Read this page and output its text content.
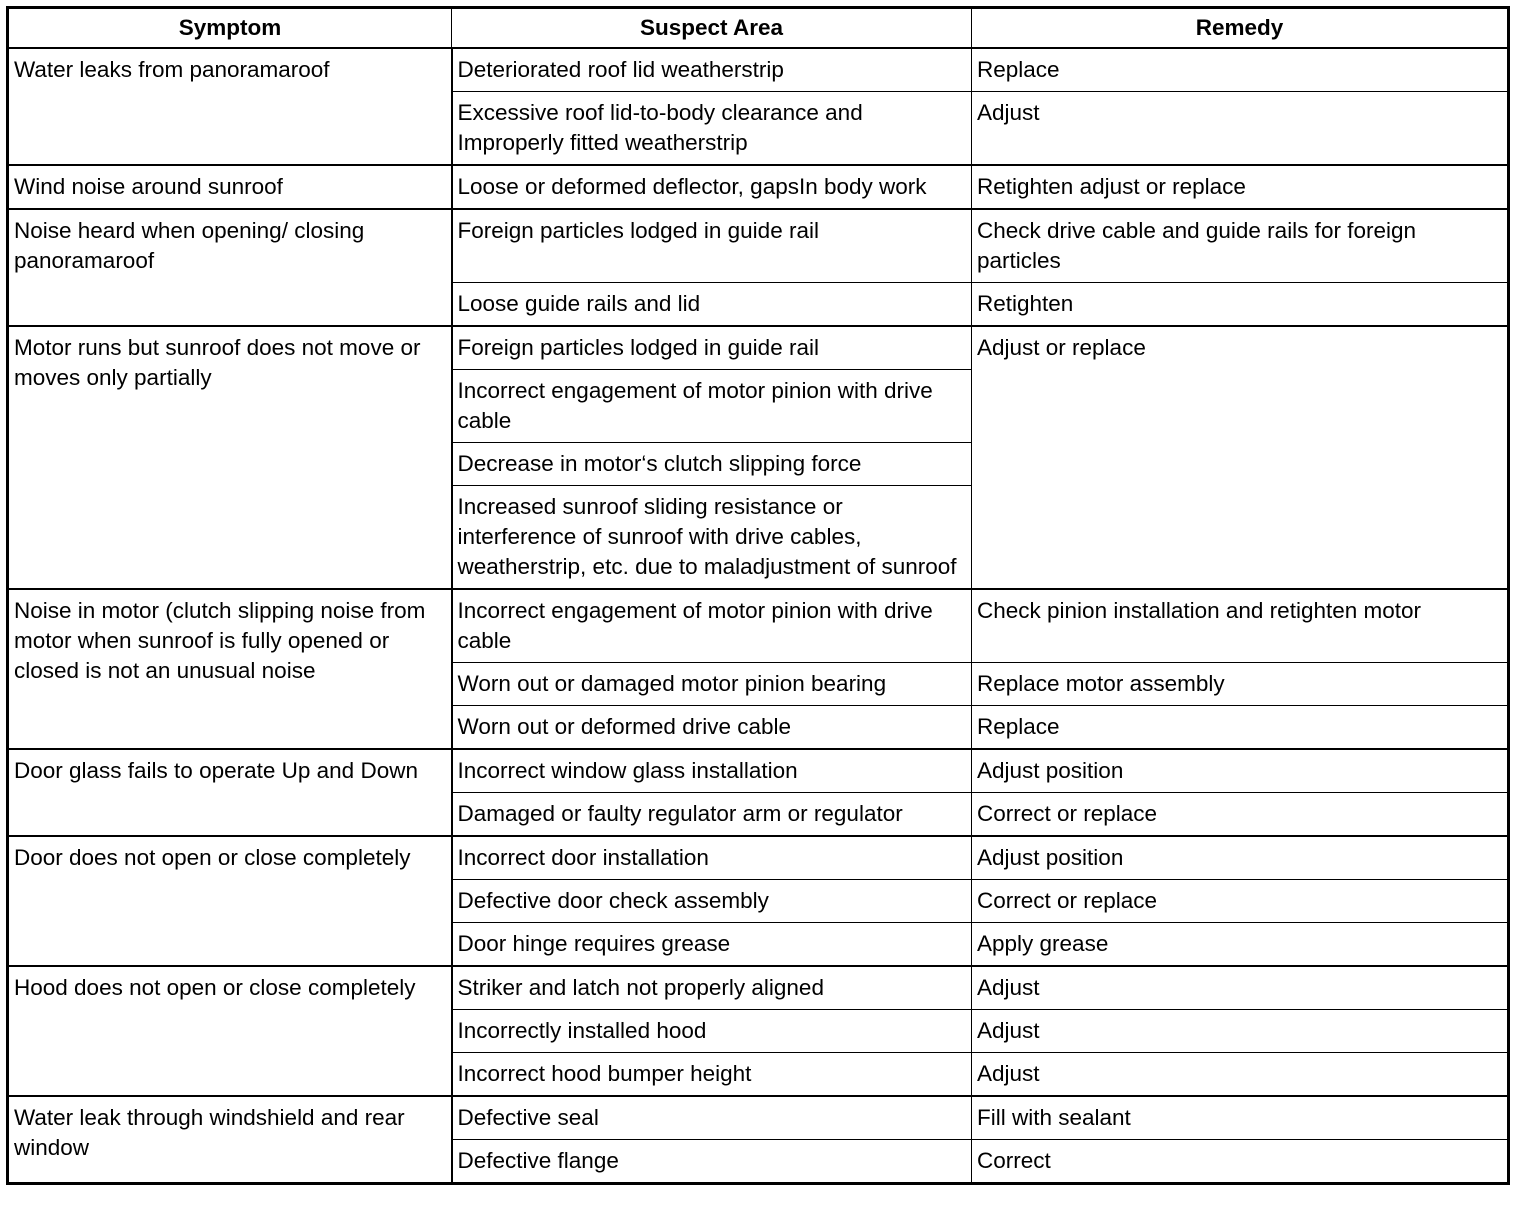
Symptom	Suspect Area	Remedy
Water leaks from panoramaroof	Deteriorated roof lid weatherstrip	Replace
	Excessive roof lid-to-body clearance and Improperly fitted weatherstrip	Adjust
Wind noise around sunroof	Loose or deformed deflector, gapsIn body work	Retighten adjust or replace
Noise heard when opening/ closing panoramaroof	Foreign particles lodged in guide rail	Check drive cable and guide rails for foreign particles
	Loose guide rails and lid	Retighten
Motor runs but sunroof does not move or moves only partially	Foreign particles lodged in guide rail	Adjust or replace
	Incorrect engagement of motor pinion with drive cable	
	Decrease in motor‘s clutch slipping force	
	Increased sunroof sliding resistance or interference of sunroof with drive cables, weatherstrip, etc. due to maladjustment of sunroof	
Noise in motor (clutch slipping noise from motor when sunroof is fully opened or closed is not an unusual noise	Incorrect engagement of motor pinion with drive cable	Check pinion installation and retighten motor
	Worn out or damaged motor pinion bearing	Replace motor assembly
	Worn out or deformed drive cable	Replace
Door glass fails to operate Up and Down	Incorrect window glass installation	Adjust position
	Damaged or faulty regulator arm or regulator	Correct or replace
Door does not open or close completely	Incorrect door installation	Adjust position
	Defective door check assembly	Correct or replace
	Door hinge requires grease	Apply grease
Hood does not open or close completely	Striker and latch not properly aligned	Adjust
	Incorrectly installed hood	Adjust
	Incorrect hood bumper height	Adjust
Water leak through windshield and rear window	Defective seal	Fill with sealant
	Defective flange	Correct
